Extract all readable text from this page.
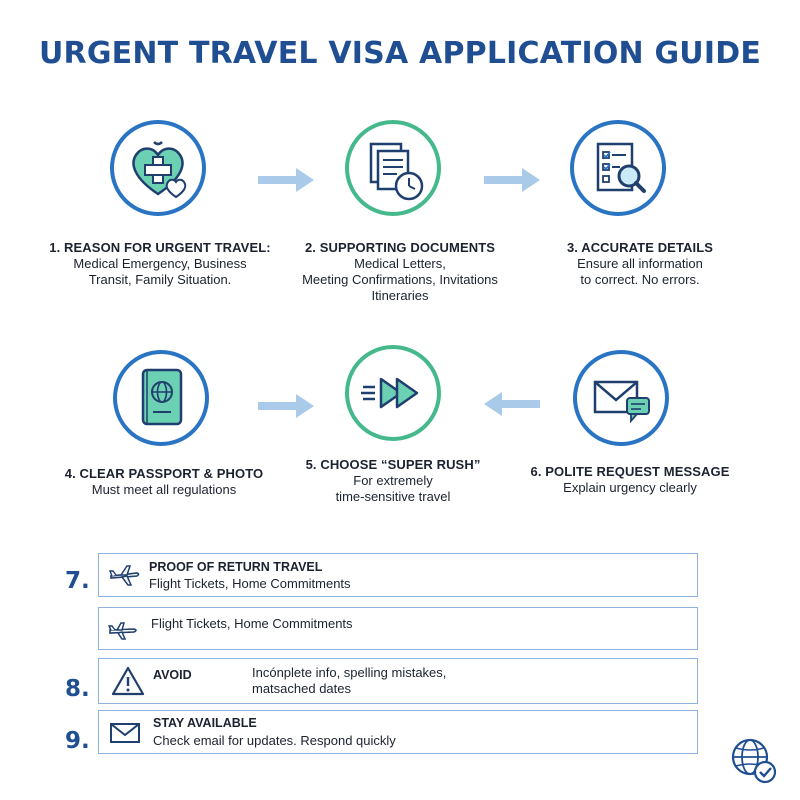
URGENT TRAVEL VISA APPLICATION GUIDE
1. REASON FOR URGENT TRAVEL:
Medical Emergency, Business
Transit, Family Situation.
2. SUPPORTING DOCUMENTS
Medical Letters,
Meeting Confirmations, Invitations
Itineraries
3. ACCURATE DETAILS
Ensure all information
to correct. No errors.
4. CLEAR PASSPORT & PHOTO
Must meet all regulations
5. CHOOSE “SUPER RUSH”
For extremely
time-sensitive travel
6. POLITE REQUEST MESSAGE
Explain urgency clearly
7.
PROOF OF RETURN TRAVEL
Flight Tickets, Home Commitments
Flight Tickets, Home Commitments
8.
AVOID	Incónplete info, spelling mistakes,
matsached dates
9.
STAY AVAILABLE
Check email for updates. Respond quickly
